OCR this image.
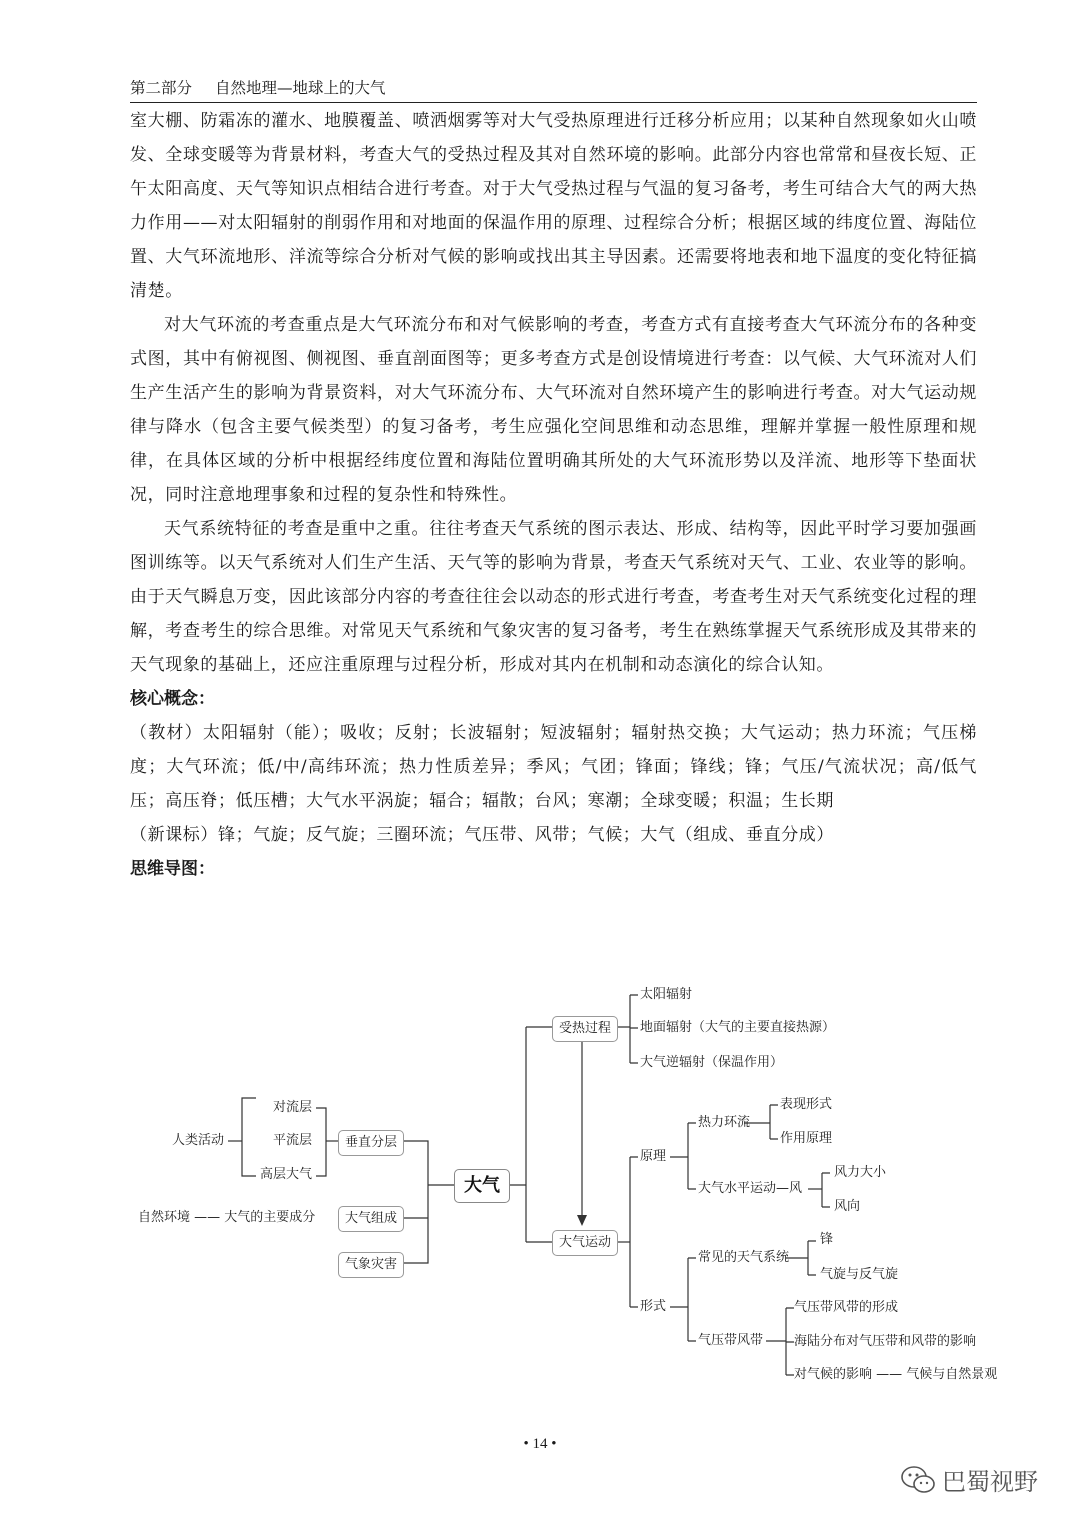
第二部分 自然地理—地球上的大气

室大棚、防霜冻的灌水、地膜覆盖、喷洒烟雾等对大气受热原理进行迁移分析应用；以某种自然现象如火山喷发、全球变暖等为背景材料，考查大气的受热过程及其对自然环境的影响。此部分内容也常常和昼夜长短、正午太阳高度、天气等知识点相结合进行考查。对于大气受热过程与气温的复习备考，考生可结合大气的两大热力作用——对太阳辐射的削弱作用和对地面的保温作用的原理、过程综合分析；根据区域的纬度位置、海陆位置、大气环流地形、洋流等综合分析对气候的影响或找出其主导因素。还需要将地表和地下温度的变化特征搞清楚。

对大气环流的考查重点是大气环流分布和对气候影响的考查，考查方式有直接考查大气环流分布的各种变式图，其中有俯视图、侧视图、垂直剖面图等；更多考查方式是创设情境进行考查：以气候、大气环流对人们生产生活产生的影响为背景资料，对大气环流分布、大气环流对自然环境产生的影响进行考查。对大气运动规律与降水（包含主要气候类型）的复习备考，考生应强化空间思维和动态思维，理解并掌握一般性原理和规律，在具体区域的分析中根据经纬度位置和海陆位置明确其所处的大气环流形势以及洋流、地形等下垫面状况，同时注意地理事象和过程的复杂性和特殊性。

天气系统特征的考查是重中之重。往往考查天气系统的图示表达、形成、结构等，因此平时学习要加强画图训练等。以天气系统对人们生产生活、天气等的影响为背景，考查天气系统对天气、工业、农业等的影响。由于天气瞬息万变，因此该部分内容的考查往往会以动态的形式进行考查，考查考生对天气系统变化过程的理解，考查考生的综合思维。对常见天气系统和气象灾害的复习备考，考生在熟练掌握天气系统形成及其带来的天气现象的基础上，还应注重原理与过程分析，形成对其内在机制和动态演化的综合认知。

核心概念：

（教材）太阳辐射（能）；吸收；反射；长波辐射；短波辐射；辐射热交换；大气运动；热力环流；气压梯度；大气环流；低/中/高纬环流；热力性质差异；季风；气团；锋面；锋线；锋；气压/气流状况；高/低气压；高压脊；低压槽；大气水平涡旋；辐合；辐散；台风；寒潮；全球变暖；积温；生长期

（新课标）锋；气旋；反气旋；三圈环流；气压带、风带；气候；大气（组成、垂直分成）

思维导图：

人类活动
对流层
平流层
高层大气
垂直分层
自然环境 —— 大气的主要成分	大气组成
气象灾害
大气
受热过程
太阳辐射
地面辐射（大气的主要直接热源）
大气逆辐射（保温作用）
大气运动
原理
热力环流
表现形式
作用原理
大气水平运动—风
风力大小
风向
形式
常见的天气系统
锋
气旋与反气旋
气压带风带
气压带风带的形成
海陆分布对气压带和风带的影响
对气候的影响 —— 气候与自然景观
• 14 •
巴蜀视野
